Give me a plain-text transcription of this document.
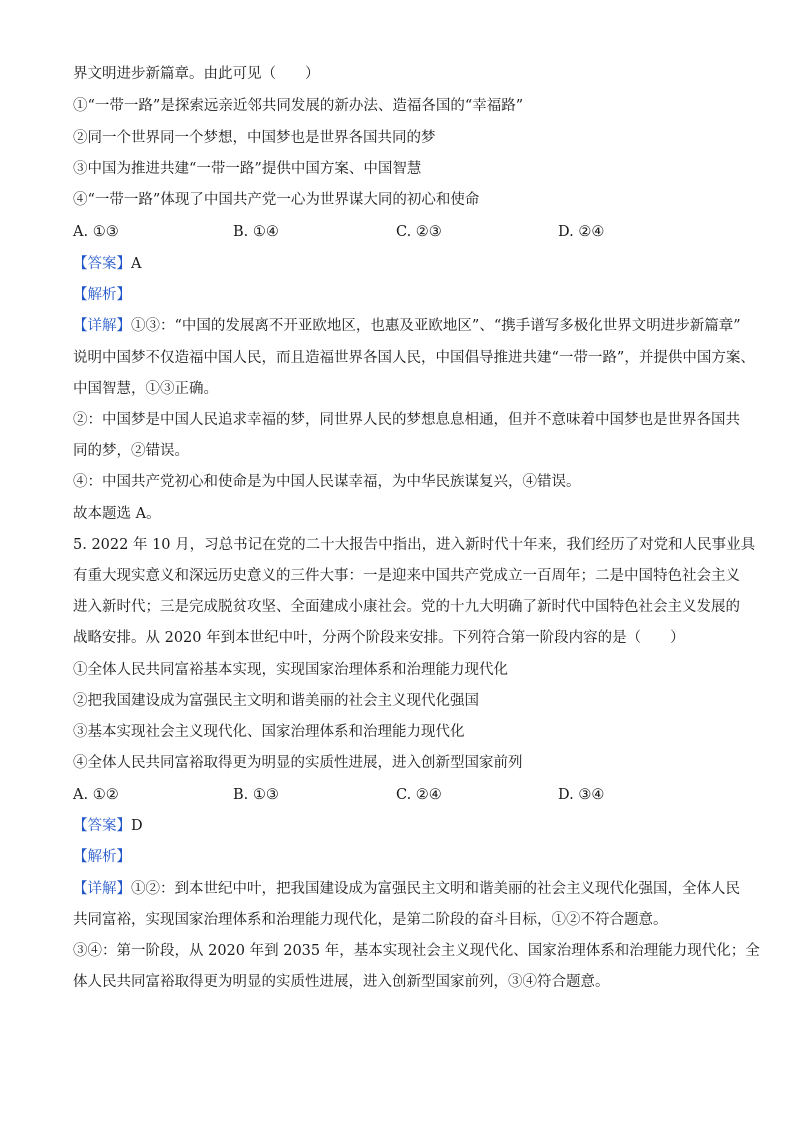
界文明进步新篇章。由此可见（　　）
①“一带一路”是探索远亲近邻共同发展的新办法、造福各国的“幸福路”
②同一个世界同一个梦想，中国梦也是世界各国共同的梦
③中国为推进共建“一带一路”提供中国方案、中国智慧
④“一带一路”体现了中国共产党一心为世界谋大同的初心和使命
A. ①③	B. ①④	C. ②③	D. ②④
【答案】A
【解析】
【详解】①③：“中国的发展离不开亚欧地区，也惠及亚欧地区”、“携手谱写多极化世界文明进步新篇章”
说明中国梦不仅造福中国人民，而且造福世界各国人民，中国倡导推进共建“一带一路”，并提供中国方案、
中国智慧，①③正确。
②：中国梦是中国人民追求幸福的梦，同世界人民的梦想息息相通，但并不意味着中国梦也是世界各国共
同的梦，②错误。
④：中国共产党初心和使命是为中国人民谋幸福，为中华民族谋复兴，④错误。
故本题选 A。
5. 2022 年 10 月，习总书记在党的二十大报告中指出，进入新时代十年来，我们经历了对党和人民事业具
有重大现实意义和深远历史意义的三件大事：一是迎来中国共产党成立一百周年；二是中国特色社会主义
进入新时代；三是完成脱贫攻坚、全面建成小康社会。党的十九大明确了新时代中国特色社会主义发展的
战略安排。从 2020 年到本世纪中叶，分两个阶段来安排。下列符合第一阶段内容的是（　　）
①全体人民共同富裕基本实现，实现国家治理体系和治理能力现代化
②把我国建设成为富强民主文明和谐美丽的社会主义现代化强国
③基本实现社会主义现代化、国家治理体系和治理能力现代化
④全体人民共同富裕取得更为明显的实质性进展，进入创新型国家前列
A. ①②	B. ①③	C. ②④	D. ③④
【答案】D
【解析】
【详解】①②：到本世纪中叶，把我国建设成为富强民主文明和谐美丽的社会主义现代化强国，全体人民
共同富裕，实现国家治理体系和治理能力现代化，是第二阶段的奋斗目标，①②不符合题意。
③④：第一阶段，从 2020 年到 2035 年，基本实现社会主义现代化、国家治理体系和治理能力现代化；全
体人民共同富裕取得更为明显的实质性进展，进入创新型国家前列，③④符合题意。
